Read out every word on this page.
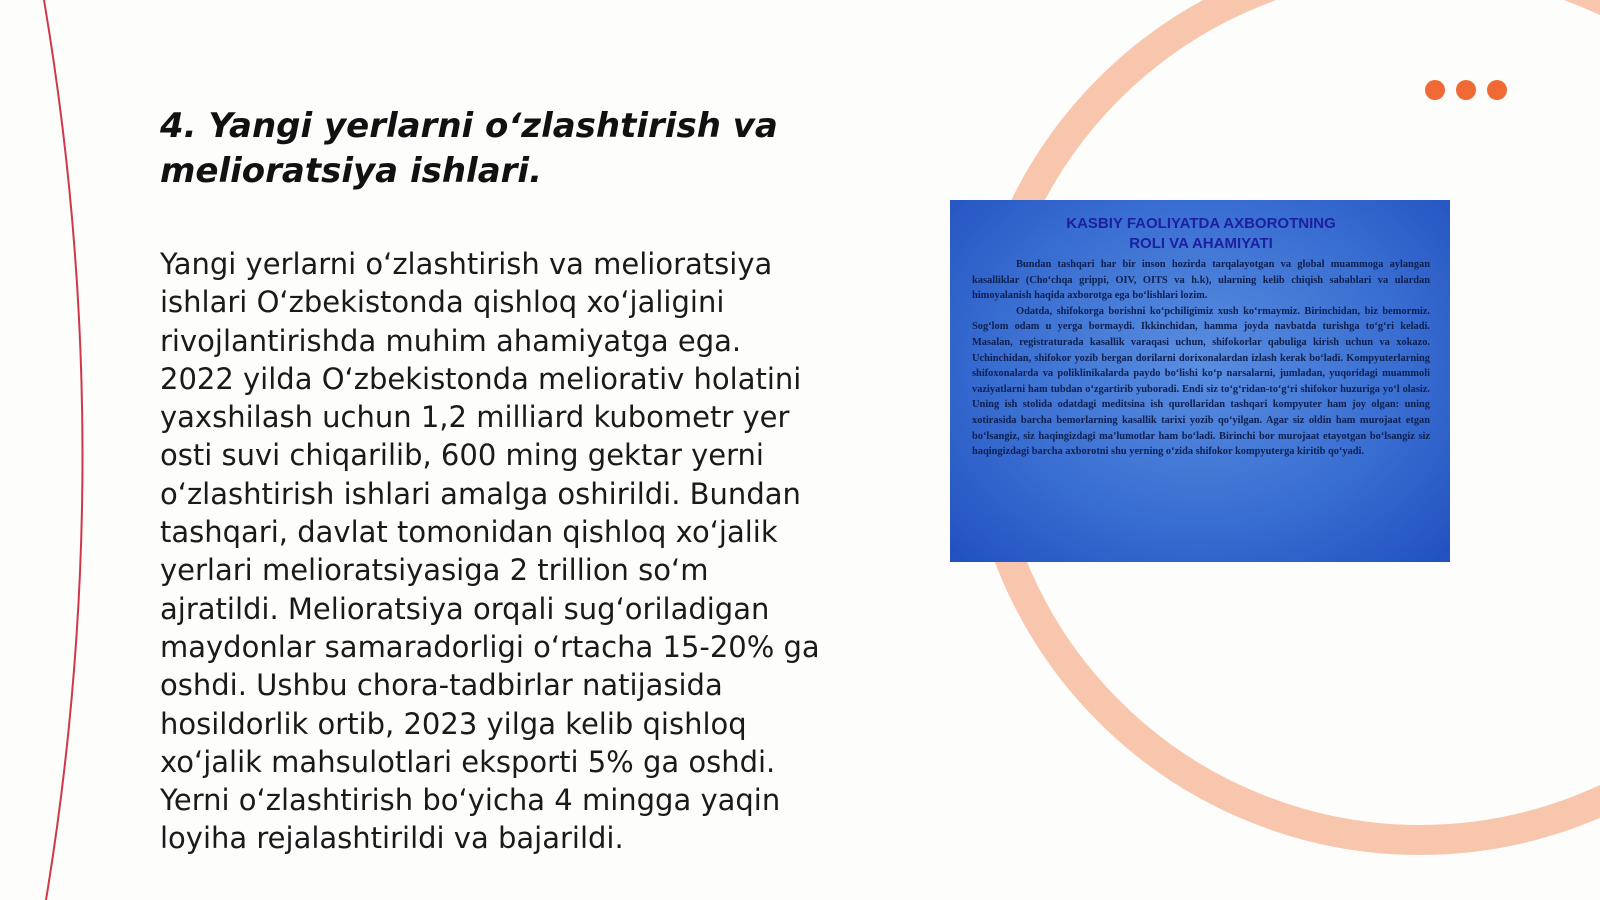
4. Yangi yerlarni o‘zlashtirish va melioratsiya ishlari.

Yangi yerlarni o‘zlashtirish va melioratsiya
ishlari O‘zbekistonda qishloq xo‘jaligini
rivojlantirishda muhim ahamiyatga ega.
2022 yilda O‘zbekistonda meliorativ holatini
yaxshilash uchun 1,2 milliard kubometr yer
osti suvi chiqarilib, 600 ming gektar yerni
o‘zlashtirish ishlari amalga oshirildi. Bundan
tashqari, davlat tomonidan qishloq xo‘jalik
yerlari melioratsiyasiga 2 trillion so‘m
ajratildi. Melioratsiya orqali sug‘oriladigan
maydonlar samaradorligi o‘rtacha 15-20% ga
oshdi. Ushbu chora-tadbirlar natijasida
hosildorlik ortib, 2023 yilga kelib qishloq
xo‘jalik mahsulotlari eksporti 5% ga oshdi.
Yerni o‘zlashtirish bo‘yicha 4 mingga yaqin
loyiha rejalashtirildi va bajarildi.

KASBIY FAOLIYATDA AXBOROTNING
ROLI VA AHAMIYATI

Bundan tashqari har bir inson hozirda tarqalayotgan va global muammoga aylangan kasalliklar (Cho‘chqa grippi, OIV, OITS va h.k), ularning kelib chiqish sabablari va ulardan himoyalanish haqida axborotga ega bo‘lishlari lozim.

Odatda, shifokorga borishni ko‘pchiligimiz xush ko‘rmaymiz. Birinchidan, biz bemormiz. Sog‘lom odam u yerga bormaydi. Ikkinchidan, hamma joyda navbatda turishga to‘g‘ri keladi. Masalan, registraturada kasallik varaqasi uchun, shifokorlar qabuliga kirish uchun va xokazo. Uchinchidan, shifokor yozib bergan dorilarni dorixonalardan izlash kerak bo‘ladi. Kompyuterlarning shifoxonalarda va poliklinikalarda paydo bo‘lishi ko‘p narsalarni, jumladan, yuqoridagi muammoli vaziyatlarni ham tubdan o‘zgartirib yuboradi. Endi siz to‘g‘ridan-to‘g‘ri shifokor huzuriga yo‘l olasiz. Uning ish stolida odatdagi meditsina ish qurollaridan tashqari kompyuter ham joy olgan: uning xotirasida barcha bemorlarning kasallik tarixi yozib qo‘yilgan. Agar siz oldin ham murojaat etgan bo‘lsangiz, siz haqingizdagi ma’lumotlar ham bo‘ladi. Birinchi bor murojaat etayotgan bo‘lsangiz siz haqingizdagi barcha axborotni shu yerning o‘zida shifokor kompyuterga kiritib qo‘yadi.
